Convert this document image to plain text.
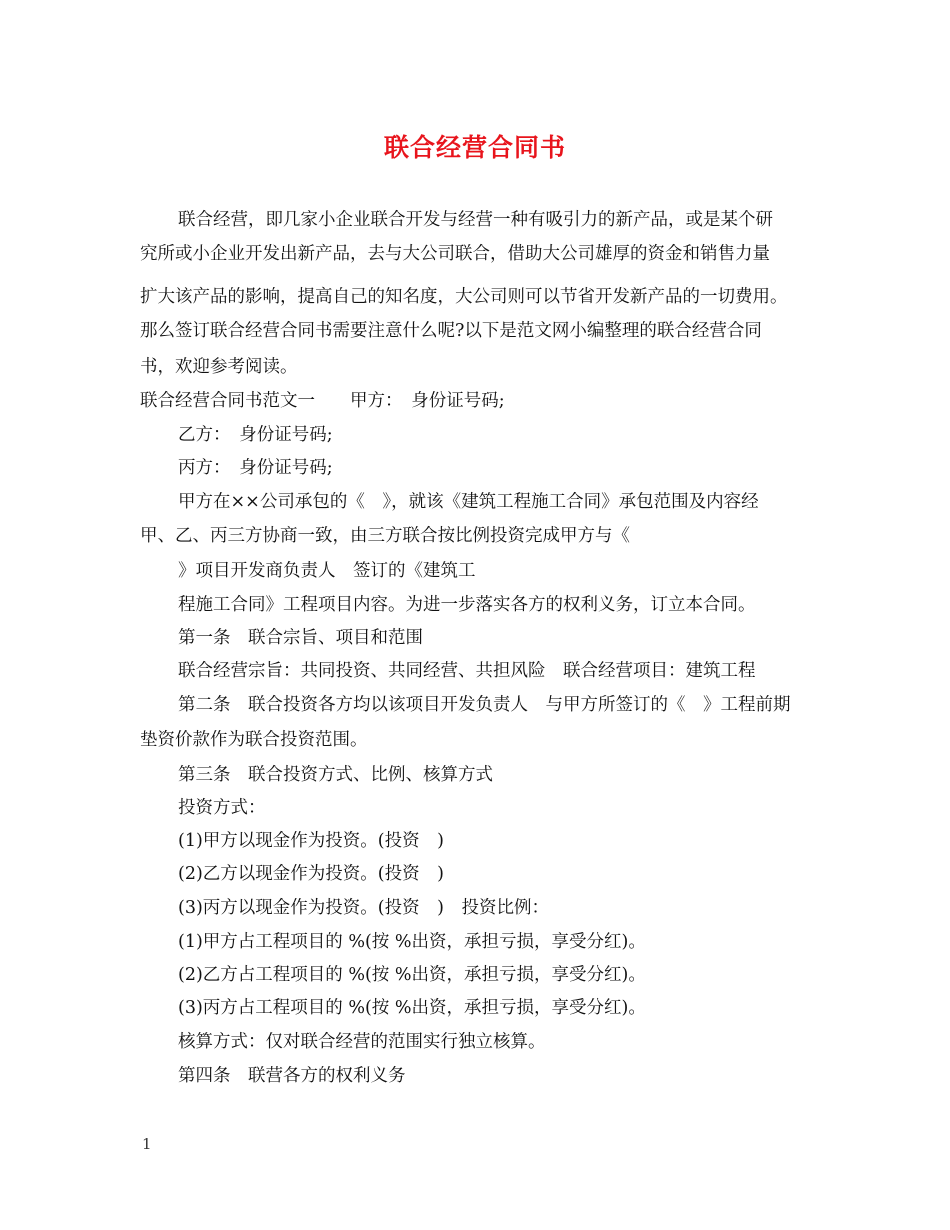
联合经营合同书
联合经营，即几家小企业联合开发与经营一种有吸引力的新产品，或是某个研
究所或小企业开发出新产品，去与大公司联合，借助大公司雄厚的资金和销售力量
扩大该产品的影响，提高自己的知名度，大公司则可以节省开发新产品的一切费用。
那么签订联合经营合同书需要注意什么呢?以下是范文网小编整理的联合经营合同
书，欢迎参考阅读。
联合经营合同书范文一　　甲方：　身份证号码;
乙方：　身份证号码;
丙方：　身份证号码;
甲方在××公司承包的《　》，就该《建筑工程施工合同》承包范围及内容经
甲、乙、丙三方协商一致，由三方联合按比例投资完成甲方与《
》项目开发商负责人　签订的《建筑工
程施工合同》工程项目内容。为进一步落实各方的权利义务，订立本合同。
第一条　联合宗旨、项目和范围
联合经营宗旨：共同投资、共同经营、共担风险　联合经营项目：建筑工程
第二条　联合投资各方均以该项目开发负责人　与甲方所签订的《　》工程前期
垫资价款作为联合投资范围。
第三条　联合投资方式、比例、核算方式
投资方式：
(1)甲方以现金作为投资。(投资　)
(2)乙方以现金作为投资。(投资　)
(3)丙方以现金作为投资。(投资　)　投资比例：
(1)甲方占工程项目的 %(按 %出资，承担亏损，享受分红)。
(2)乙方占工程项目的 %(按 %出资，承担亏损，享受分红)。
(3)丙方占工程项目的 %(按 %出资，承担亏损，享受分红)。
核算方式：仅对联合经营的范围实行独立核算。
第四条　联营各方的权利义务
1
